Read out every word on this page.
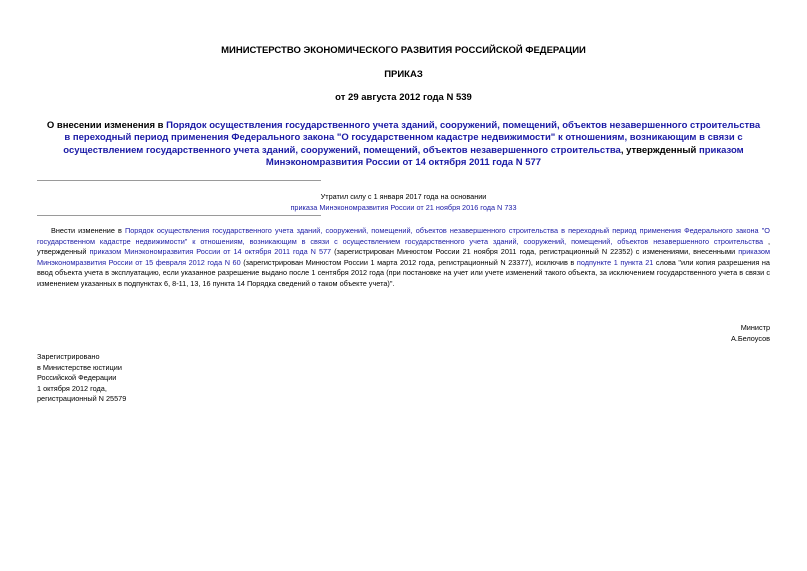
МИНИСТЕРСТВО ЭКОНОМИЧЕСКОГО РАЗВИТИЯ РОССИЙСКОЙ ФЕДЕРАЦИИ
ПРИКАЗ
от 29 августа 2012 года N 539
О внесении изменения в Порядок осуществления государственного учета зданий, сооружений, помещений, объектов незавершенного строительства в переходный период применения Федерального закона "О государственном кадастре недвижимости" к отношениям, возникающим в связи с осуществлением государственного учета зданий, сооружений, помещений, объектов незавершенного строительства, утвержденный приказом Минэкономразвития России от 14 октября 2011 года N 577
Утратил силу с 1 января 2017 года на основании
приказа Минэкономразвития России от 21 ноября 2016 года N 733
Внести изменение в Порядок осуществления государственного учета зданий, сооружений, помещений, объектов незавершенного строительства в переходный период применения Федерального закона "О государственном кадастре недвижимости" к отношениям, возникающим в связи с осуществлением государственного учета зданий, сооружений, помещений, объектов незавершенного строительства , утвержденный приказом Минэкономразвития России от 14 октября 2011 года N 577 (зарегистрирован Минюстом России 21 ноября 2011 года, регистрационный N 22352) с изменениями, внесенными приказом Минэкономразвития России от 15 февраля 2012 года N 60 (зарегистрирован Минюстом России 1 марта 2012 года, регистрационный N 23377), исключив в подпункте 1 пункта 21 слова "или копия разрешения на ввод объекта учета в эксплуатацию, если указанное разрешение выдано после 1 сентября 2012 года (при постановке на учет или учете изменений такого объекта, за исключением государственного учета в связи с изменением указанных в подпунктах 6, 8-11, 13, 16 пункта 14 Порядка сведений о таком объекте учета)".
Министр
А.Белоусов
Зарегистрировано
в Министерстве юстиции
Российской Федерации
1 октября 2012 года,
регистрационный N 25579
